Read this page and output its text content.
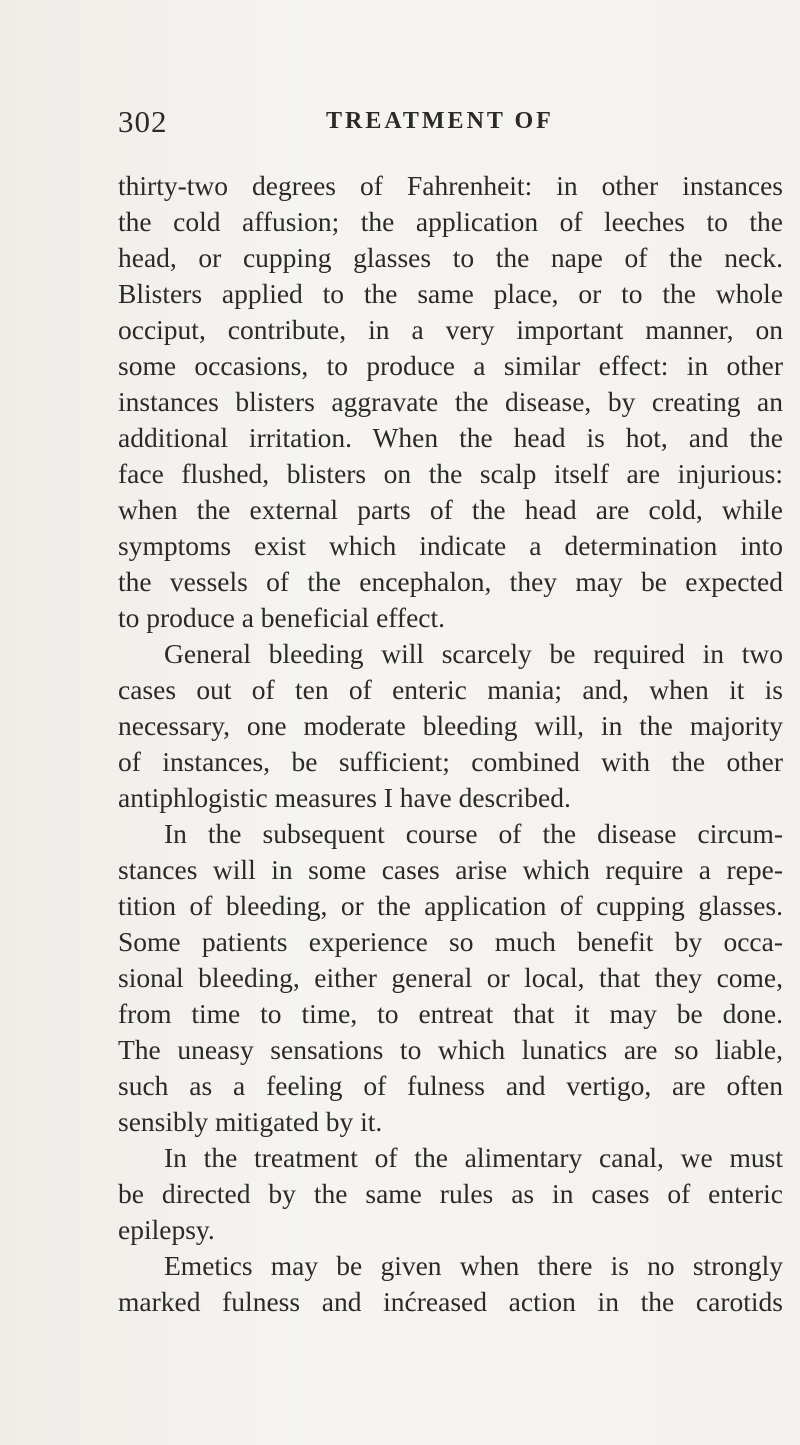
302	TREATMENT OF
thirty-two degrees of Fahrenheit: in other instances
the cold affusion; the application of leeches to the
head, or cupping glasses to the nape of the neck.
Blisters applied to the same place, or to the whole
occiput, contribute, in a very important manner, on
some occasions, to produce a similar effect: in other
instances blisters aggravate the disease, by creating an
additional irritation. When the head is hot, and the
face flushed, blisters on the scalp itself are injurious:
when the external parts of the head are cold, while
symptoms exist which indicate a determination into
the vessels of the encephalon, they may be expected
to produce a beneficial effect.
General bleeding will scarcely be required in two
cases out of ten of enteric mania; and, when it is
necessary, one moderate bleeding will, in the majority
of instances, be sufficient; combined with the other
antiphlogistic measures I have described.
In the subsequent course of the disease circum-
stances will in some cases arise which require a repe-
tition of bleeding, or the application of cupping glasses.
Some patients experience so much benefit by occa-
sional bleeding, either general or local, that they come,
from time to time, to entreat that it may be done.
The uneasy sensations to which lunatics are so liable,
such as a feeling of fulness and vertigo, are often
sensibly mitigated by it.
In the treatment of the alimentary canal, we must
be directed by the same rules as in cases of enteric
epilepsy.
Emetics may be given when there is no strongly
marked fulness and inćreased action in the carotids
